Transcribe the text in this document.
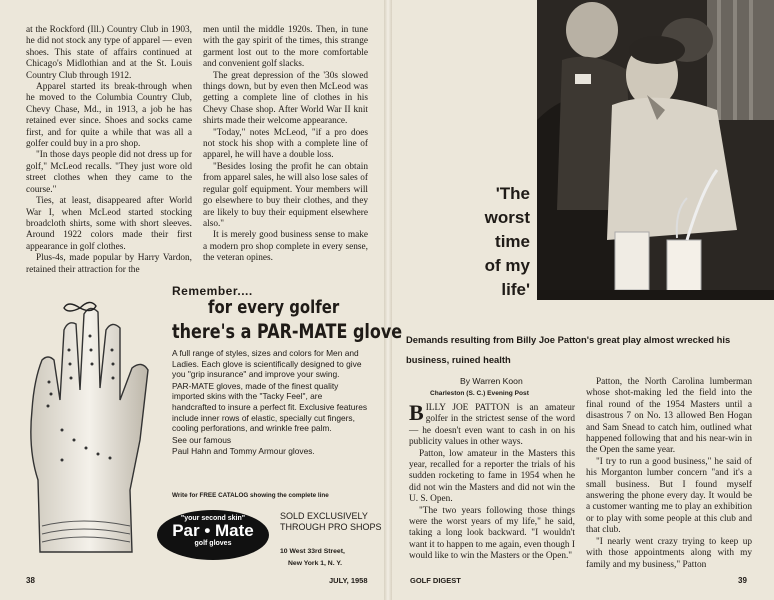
at the Rockford (Ill.) Country Club in 1903, he did not stock any type of apparel — even shoes. This state of affairs continued at Chicago's Midlothian and at the St. Louis Country Club through 1912.

Apparel started its break-through when he moved to the Columbia Country Club, Chevy Chase, Md., in 1913, a job he has retained ever since. Shoes and socks came first, and for quite a while that was all a golfer could buy in a pro shop.

"In those days people did not dress up for golf," McLeod recalls. "They just wore old street clothes when they came to the course."

Ties, at least, disappeared after World War I, when McLeod started stocking broadcloth shirts, some with short sleeves. Around 1922 colors made their first appearance in golf clothes.

Plus-4s, made popular by Harry Vardon, retained their attraction for the

men until the middle 1920s. Then, in tune with the gay spirit of the times, this strange garment lost out to the more comfortable and convenient golf slacks.

The great depression of the '30s slowed things down, but by even then McLeod was getting a complete line of clothes in his Chevy Chase shop. After World War II knit shirts made their welcome appearance.

"Today," notes McLeod, "if a pro does not stock his shop with a complete line of apparel, he will have a double loss.

"Besides losing the profit he can obtain from apparel sales, he will also lose sales of regular golf equipment. Your members will go elsewhere to buy their clothes, and they are likely to buy their equipment elsewhere also."

It is merely good business sense to make a modern pro shop complete in every sense, the veteran opines.

Remember....
for every golfer
there's a PAR-MATE glove

A full range of styles, sizes and colors for Men and Ladies. Each glove is scientifically designed to give you "grip insurance" and improve your swing.

PAR-MATE gloves, made of the finest quality imported skins with the "Tacky Feel", are handcrafted to insure a perfect fit. Exclusive features include inner rows of elastic, specially cut fingers, cooling perforations, and wrinkle free palm.

See our famous

Paul Hahn and Tommy Armour gloves.

Write for FREE CATALOG showing the complete line
"your second skin"
Par • Mate
golf gloves
SOLD EXCLUSIVELY
THROUGH PRO SHOPS
10 West 33rd Street,
New York 1, N. Y.
38	JULY, 1958
'The
worst
time
of my
life'
Demands resulting from Billy Joe Patton's great play almost wrecked his business, ruined health
By Warren Koon
Charleston (S. C.) Evening Post

BILLY JOE PATTON is an amateur golfer in the strictest sense of the word — he doesn't even want to cash in on his publicity values in other ways.

Patton, low amateur in the Masters this year, recalled for a reporter the trials of his sudden rocketing to fame in 1954 when he did not win the Masters and did not win the U. S. Open.

"The two years following those things were the worst years of my life," he said, taking a long look backward. "I wouldn't want it to happen to me again, even though I would like to win the Masters or the Open."

Patton, the North Carolina lumberman whose shot-making led the field into the final round of the 1954 Masters until a disastrous 7 on No. 13 allowed Ben Hogan and Sam Snead to catch him, outlined what happened following that and his near-win in the Open the same year.

"I try to run a good business," he said of his Morganton lumber concern "and it's a small business. But I found myself answering the phone every day. It would be a customer wanting me to play an exhibition or to play with some people at this club and that club.

"I nearly went crazy trying to keep up with those appointments along with my family and my business," Patton

GOLF DIGEST	39
